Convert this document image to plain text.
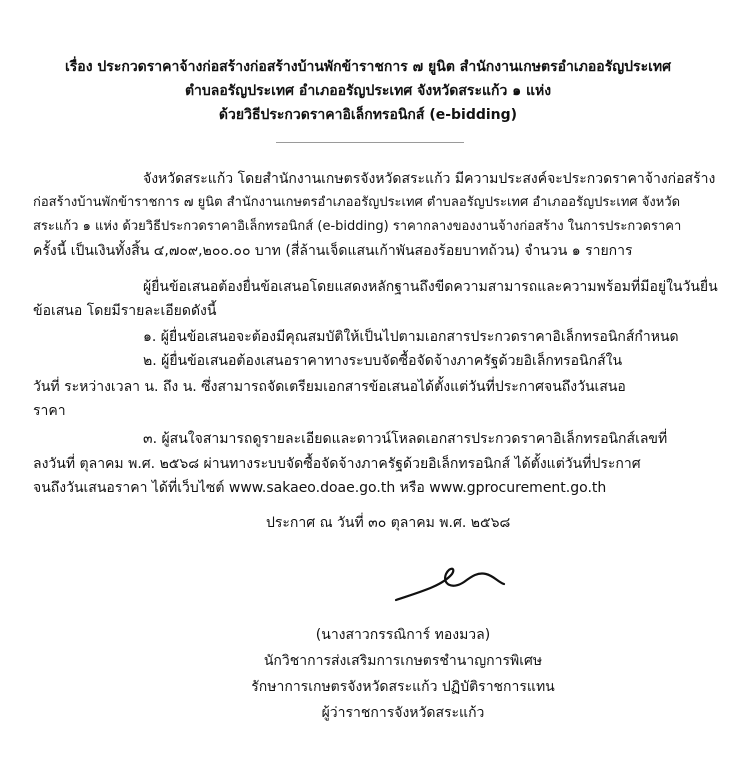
เรื่อง ประกวดราคาจ้างก่อสร้างก่อสร้างบ้านพักข้าราชการ ๗ ยูนิต สำนักงานเกษตรอำเภออรัญประเทศ
ตำบลอรัญประเทศ อำเภออรัญประเทศ จังหวัดสระแก้ว ๑ แห่ง
ด้วยวิธีประกวดราคาอิเล็กทรอนิกส์ (e-bidding)
จังหวัดสระแก้ว โดยสำนักงานเกษตรจังหวัดสระแก้ว มีความประสงค์จะประกวดราคาจ้างก่อสร้าง
ก่อสร้างบ้านพักข้าราชการ ๗ ยูนิต สำนักงานเกษตรอำเภออรัญประเทศ ตำบลอรัญประเทศ อำเภออรัญประเทศ จังหวัด
สระแก้ว ๑ แห่ง ด้วยวิธีประกวดราคาอิเล็กทรอนิกส์ (e-bidding) ราคากลางของงานจ้างก่อสร้าง ในการประกวดราคา
ครั้งนี้ เป็นเงินทั้งสิ้น ๔,๗๐๙,๒๐๐.๐๐ บาท (สี่ล้านเจ็ดแสนเก้าพันสองร้อยบาทถ้วน) จำนวน ๑ รายการ
ผู้ยื่นข้อเสนอต้องยื่นข้อเสนอโดยแสดงหลักฐานถึงขีดความสามารถและความพร้อมที่มีอยู่ในวันยื่น
ข้อเสนอ โดยมีรายละเอียดดังนี้
๑. ผู้ยื่นข้อเสนอจะต้องมีคุณสมบัติให้เป็นไปตามเอกสารประกวดราคาอิเล็กทรอนิกส์กำหนด
๒. ผู้ยื่นข้อเสนอต้องเสนอราคาทางระบบจัดซื้อจัดจ้างภาครัฐด้วยอิเล็กทรอนิกส์ใน
วันที่ ระหว่างเวลา น. ถึง น. ซึ่งสามารถจัดเตรียมเอกสารข้อเสนอได้ตั้งแต่วันที่ประกาศจนถึงวันเสนอ
ราคา
๓. ผู้สนใจสามารถดูรายละเอียดและดาวน์โหลดเอกสารประกวดราคาอิเล็กทรอนิกส์เลขที่
ลงวันที่ ตุลาคม พ.ศ. ๒๕๖๘ ผ่านทางระบบจัดซื้อจัดจ้างภาครัฐด้วยอิเล็กทรอนิกส์ ได้ตั้งแต่วันที่ประกาศ
จนถึงวันเสนอราคา ได้ที่เว็บไซต์ www.sakaeo.doae.go.th หรือ www.gprocurement.go.th
ประกาศ ณ วันที่ ๓๐ ตุลาคม พ.ศ. ๒๕๖๘
(นางสาวกรรณิการ์ ทองมวล)
นักวิชาการส่งเสริมการเกษตรชำนาญการพิเศษ
รักษาการเกษตรจังหวัดสระแก้ว ปฏิบัติราชการแทน
ผู้ว่าราชการจังหวัดสระแก้ว
